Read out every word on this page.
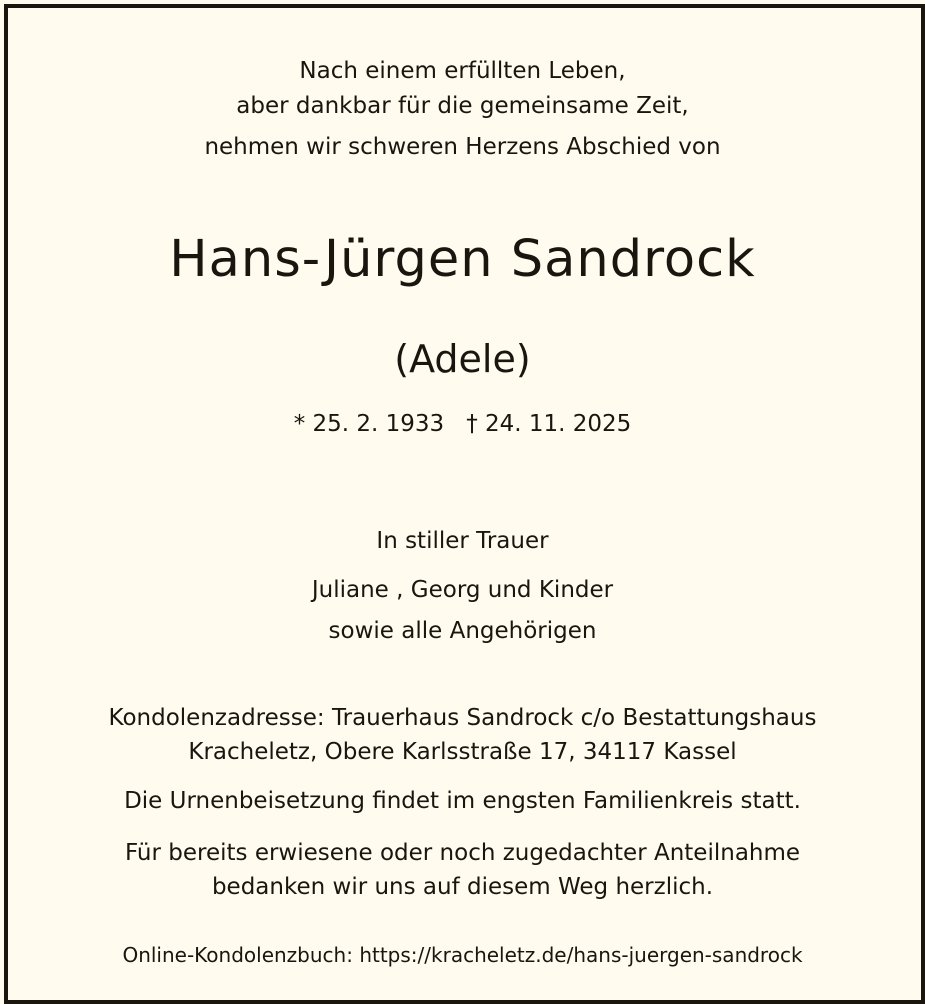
Nach einem erfüllten Leben,

aber dankbar für die gemeinsame Zeit,

nehmen wir schweren Herzens Abschied von

Hans-Jürgen Sandrock

(Adele)

* 25. 2. 1933 † 24. 11. 2025

In stiller Trauer

Juliane , Georg und Kinder

sowie alle Angehörigen

Kondolenzadresse: Trauerhaus Sandrock c/o Bestattungshaus

Kracheletz, Obere Karlsstraße 17, 34117 Kassel

Die Urnenbeisetzung findet im engsten Familienkreis statt.

Für bereits erwiesene oder noch zugedachter Anteilnahme

bedanken wir uns auf diesem Weg herzlich.

Online-Kondolenzbuch: https://kracheletz.de/hans-juergen-sandrock
